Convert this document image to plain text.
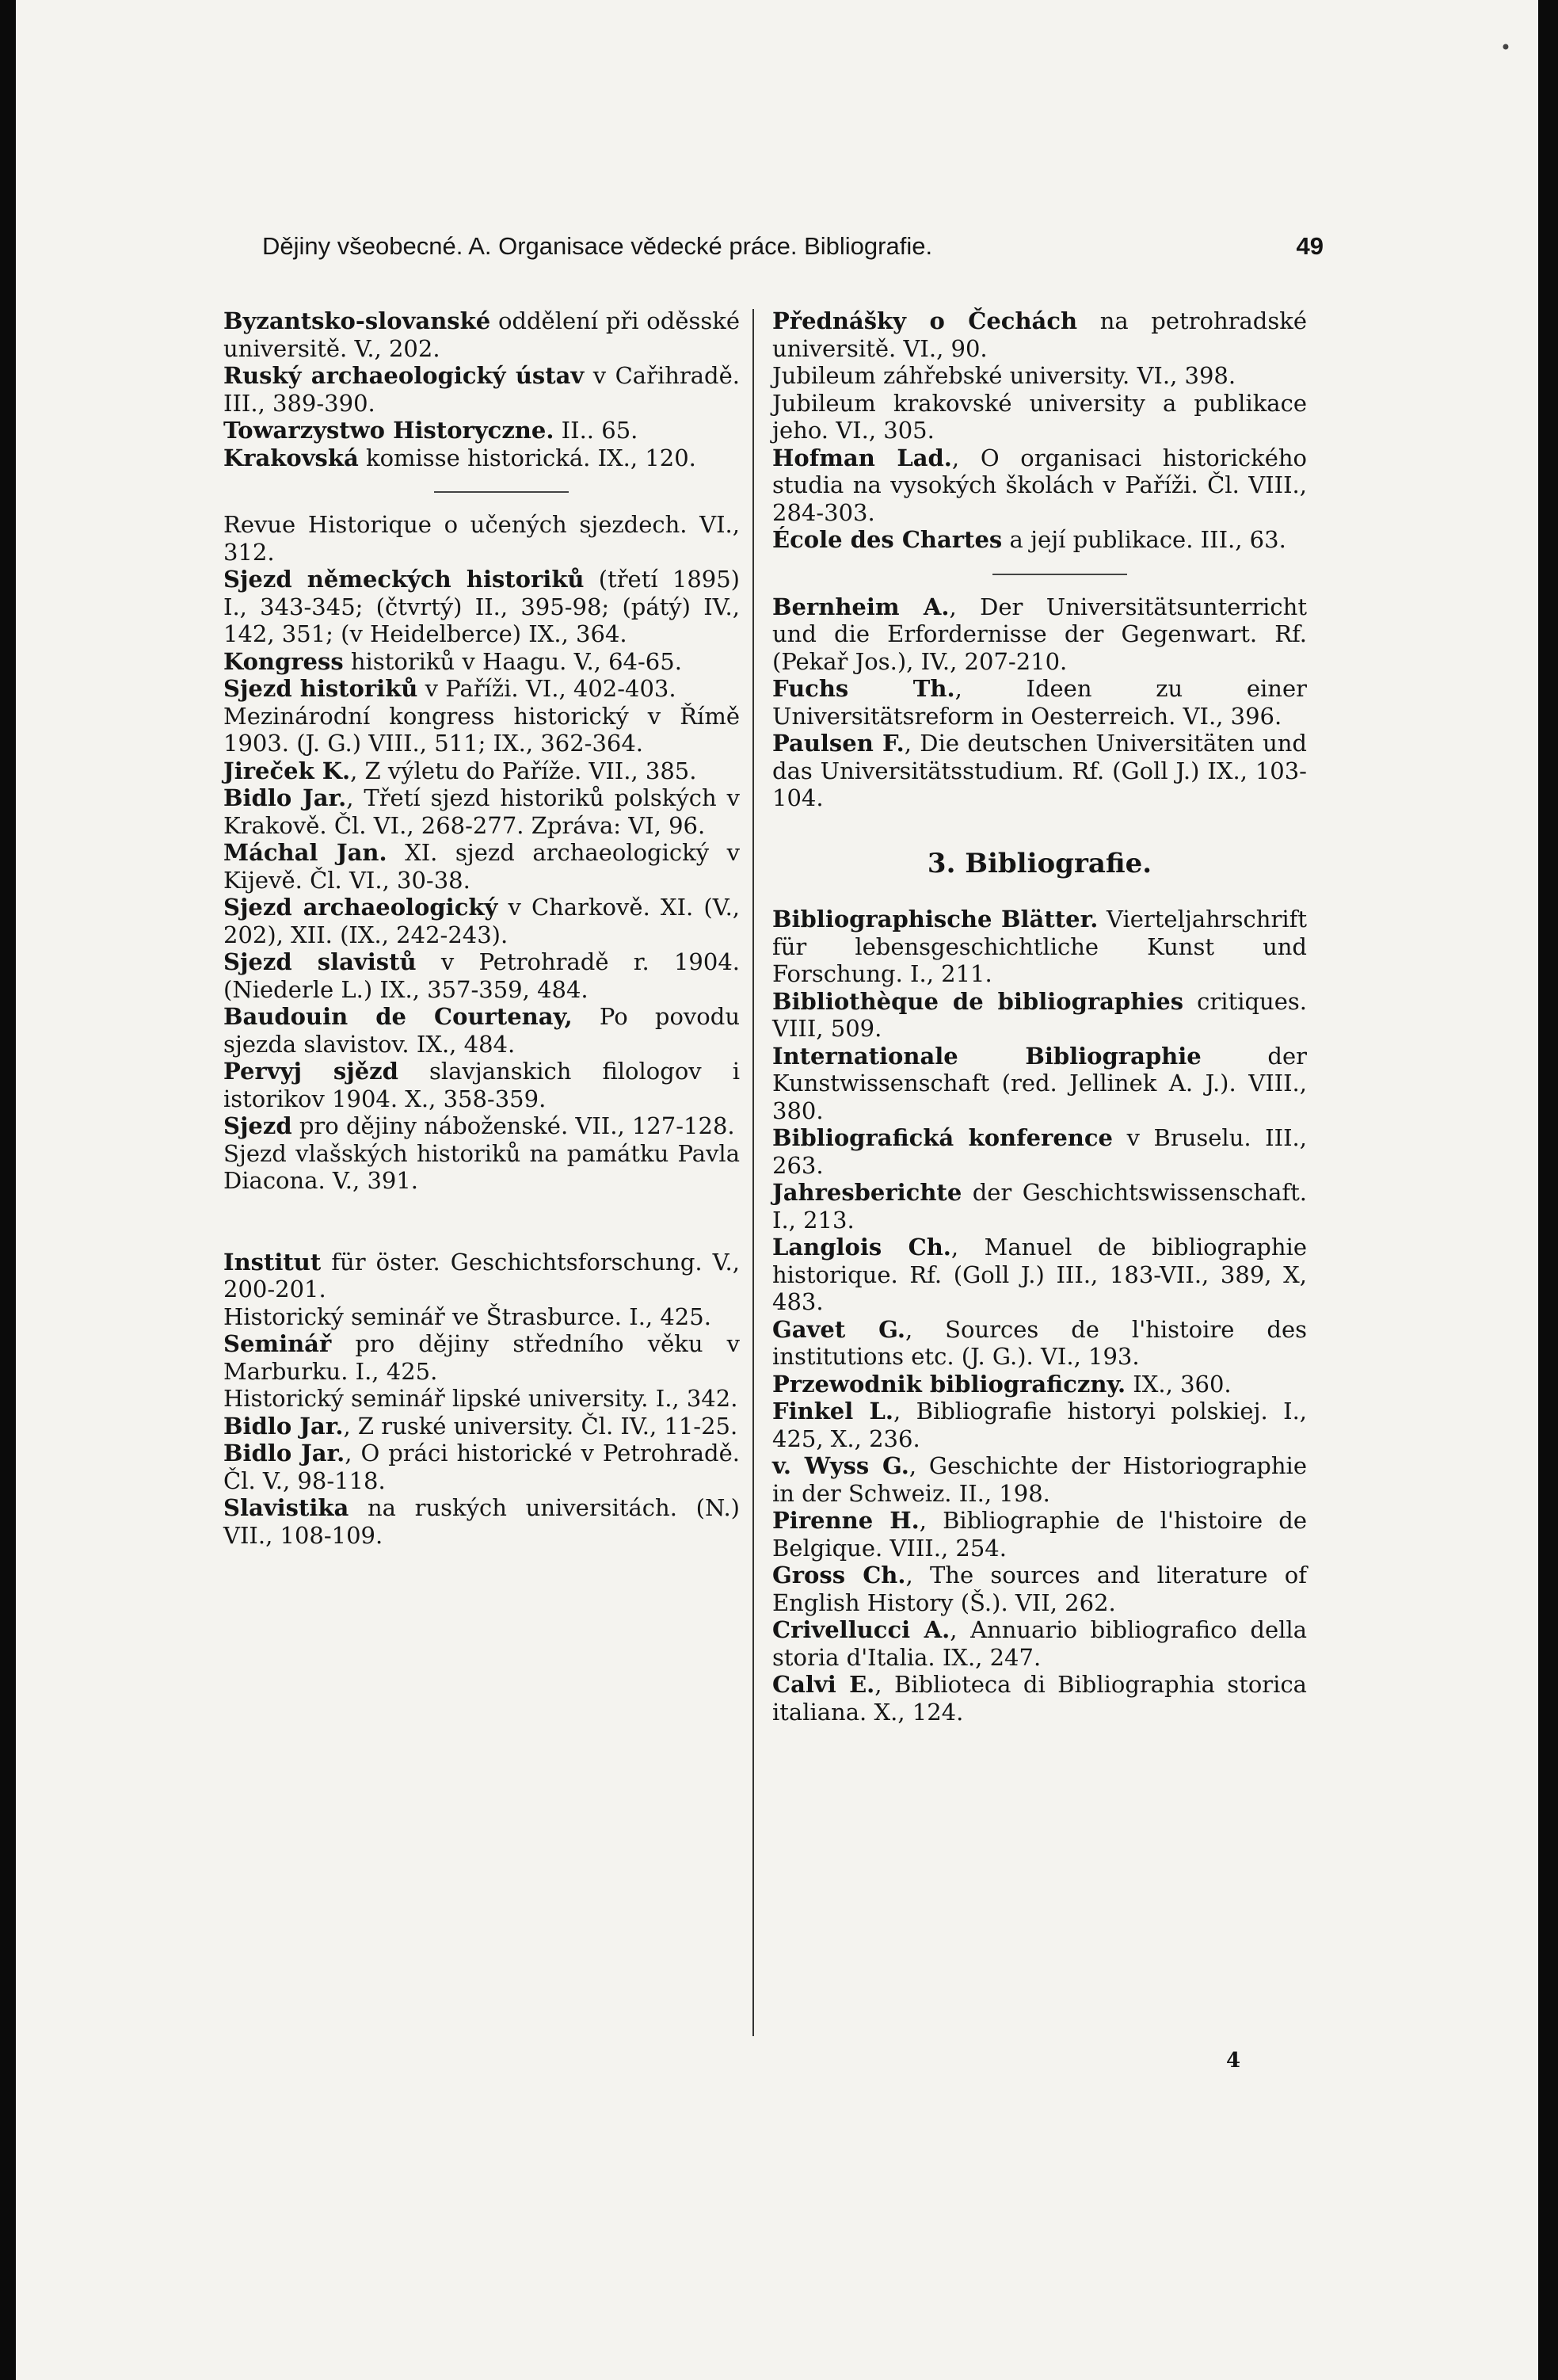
•
Dějiny všeobecné. A. Organisace vědecké práce. Bibliografie.	49
Byzantsko-slovanské oddělení při oděsské universitě. V., 202.
Ruský archaeologický ústav v Cařihradě. III., 389-390.
Towarzystwo Historyczne. II.. 65.
Krakovská komisse historická. IX., 120.
Revue Historique o učených sjezdech. VI., 312.
Sjezd německých historiků (třetí 1895) I., 343-345; (čtvrtý) II., 395-98; (pátý) IV., 142, 351; (v Heidelberce) IX., 364.
Kongress historiků v Haagu. V., 64-65.
Sjezd historiků v Paříži. VI., 402-403.
Mezinárodní kongress historický v Římě 1903. (J. G.) VIII., 511; IX., 362-364.
Jireček K., Z výletu do Paříže. VII., 385.
Bidlo Jar., Třetí sjezd historiků polských v Krakově. Čl. VI., 268-277. Zpráva: VI, 96.
Máchal Jan. XI. sjezd archaeologický v Kijevě. Čl. VI., 30-38.
Sjezd archaeologický v Charkově. XI. (V., 202), XII. (IX., 242-243).
Sjezd slavistů v Petrohradě r. 1904. (Niederle L.) IX., 357-359, 484.
Baudouin de Courtenay, Po povodu sjezda slavistov. IX., 484.
Pervyj sjězd slavjanskich filologov i istorikov 1904. X., 358-359.
Sjezd pro dějiny náboženské. VII., 127-128.
Sjezd vlašských historiků na památku Pavla Diacona. V., 391.
Institut für öster. Geschichtsforschung. V., 200-201.
Historický seminář ve Štrasburce. I., 425.
Seminář pro dějiny středního věku v Marburku. I., 425.
Historický seminář lipské university. I., 342.
Bidlo Jar., Z ruské university. Čl. IV., 11-25.
Bidlo Jar., O práci historické v Petrohradě. Čl. V., 98-118.
Slavistika na ruských universitách. (N.) VII., 108-109.
Přednášky o Čechách na petrohradské universitě. VI., 90.
Jubileum záhřebské university. VI., 398.
Jubileum krakovské university a publikace jeho. VI., 305.
Hofman Lad., O organisaci historického studia na vysokých školách v Paříži. Čl. VIII., 284-303.
École des Chartes a její publikace. III., 63.
Bernheim A., Der Universitätsunterricht und die Erfordernisse der Gegenwart. Rf. (Pekař Jos.), IV., 207-210.
Fuchs Th., Ideen zu einer Universitätsreform in Oesterreich. VI., 396.
Paulsen F., Die deutschen Universitäten und das Universitätsstudium. Rf. (Goll J.) IX., 103-104.
3. Bibliografie.
Bibliographische Blätter. Vierteljahrschrift für lebensgeschichtliche Kunst und Forschung. I., 211.
Bibliothèque de bibliographies critiques. VIII, 509.
Internationale Bibliographie der Kunstwissenschaft (red. Jellinek A. J.). VIII., 380.
Bibliografická konference v Bruselu. III., 263.
Jahresberichte der Geschichtswissenschaft. I., 213.
Langlois Ch., Manuel de bibliographie historique. Rf. (Goll J.) III., 183-VII., 389, X, 483.
Gavet G., Sources de l'histoire des institutions etc. (J. G.). VI., 193.
Przewodnik bibliograficzny. IX., 360.
Finkel L., Bibliografie historyi polskiej. I., 425, X., 236.
v. Wyss G., Geschichte der Historiographie in der Schweiz. II., 198.
Pirenne H., Bibliographie de l'histoire de Belgique. VIII., 254.
Gross Ch., The sources and literature of English History (Š.). VII, 262.
Crivellucci A., Annuario bibliografico della storia d'Italia. IX., 247.
Calvi E., Biblioteca di Bibliographia storica italiana. X., 124.
4
